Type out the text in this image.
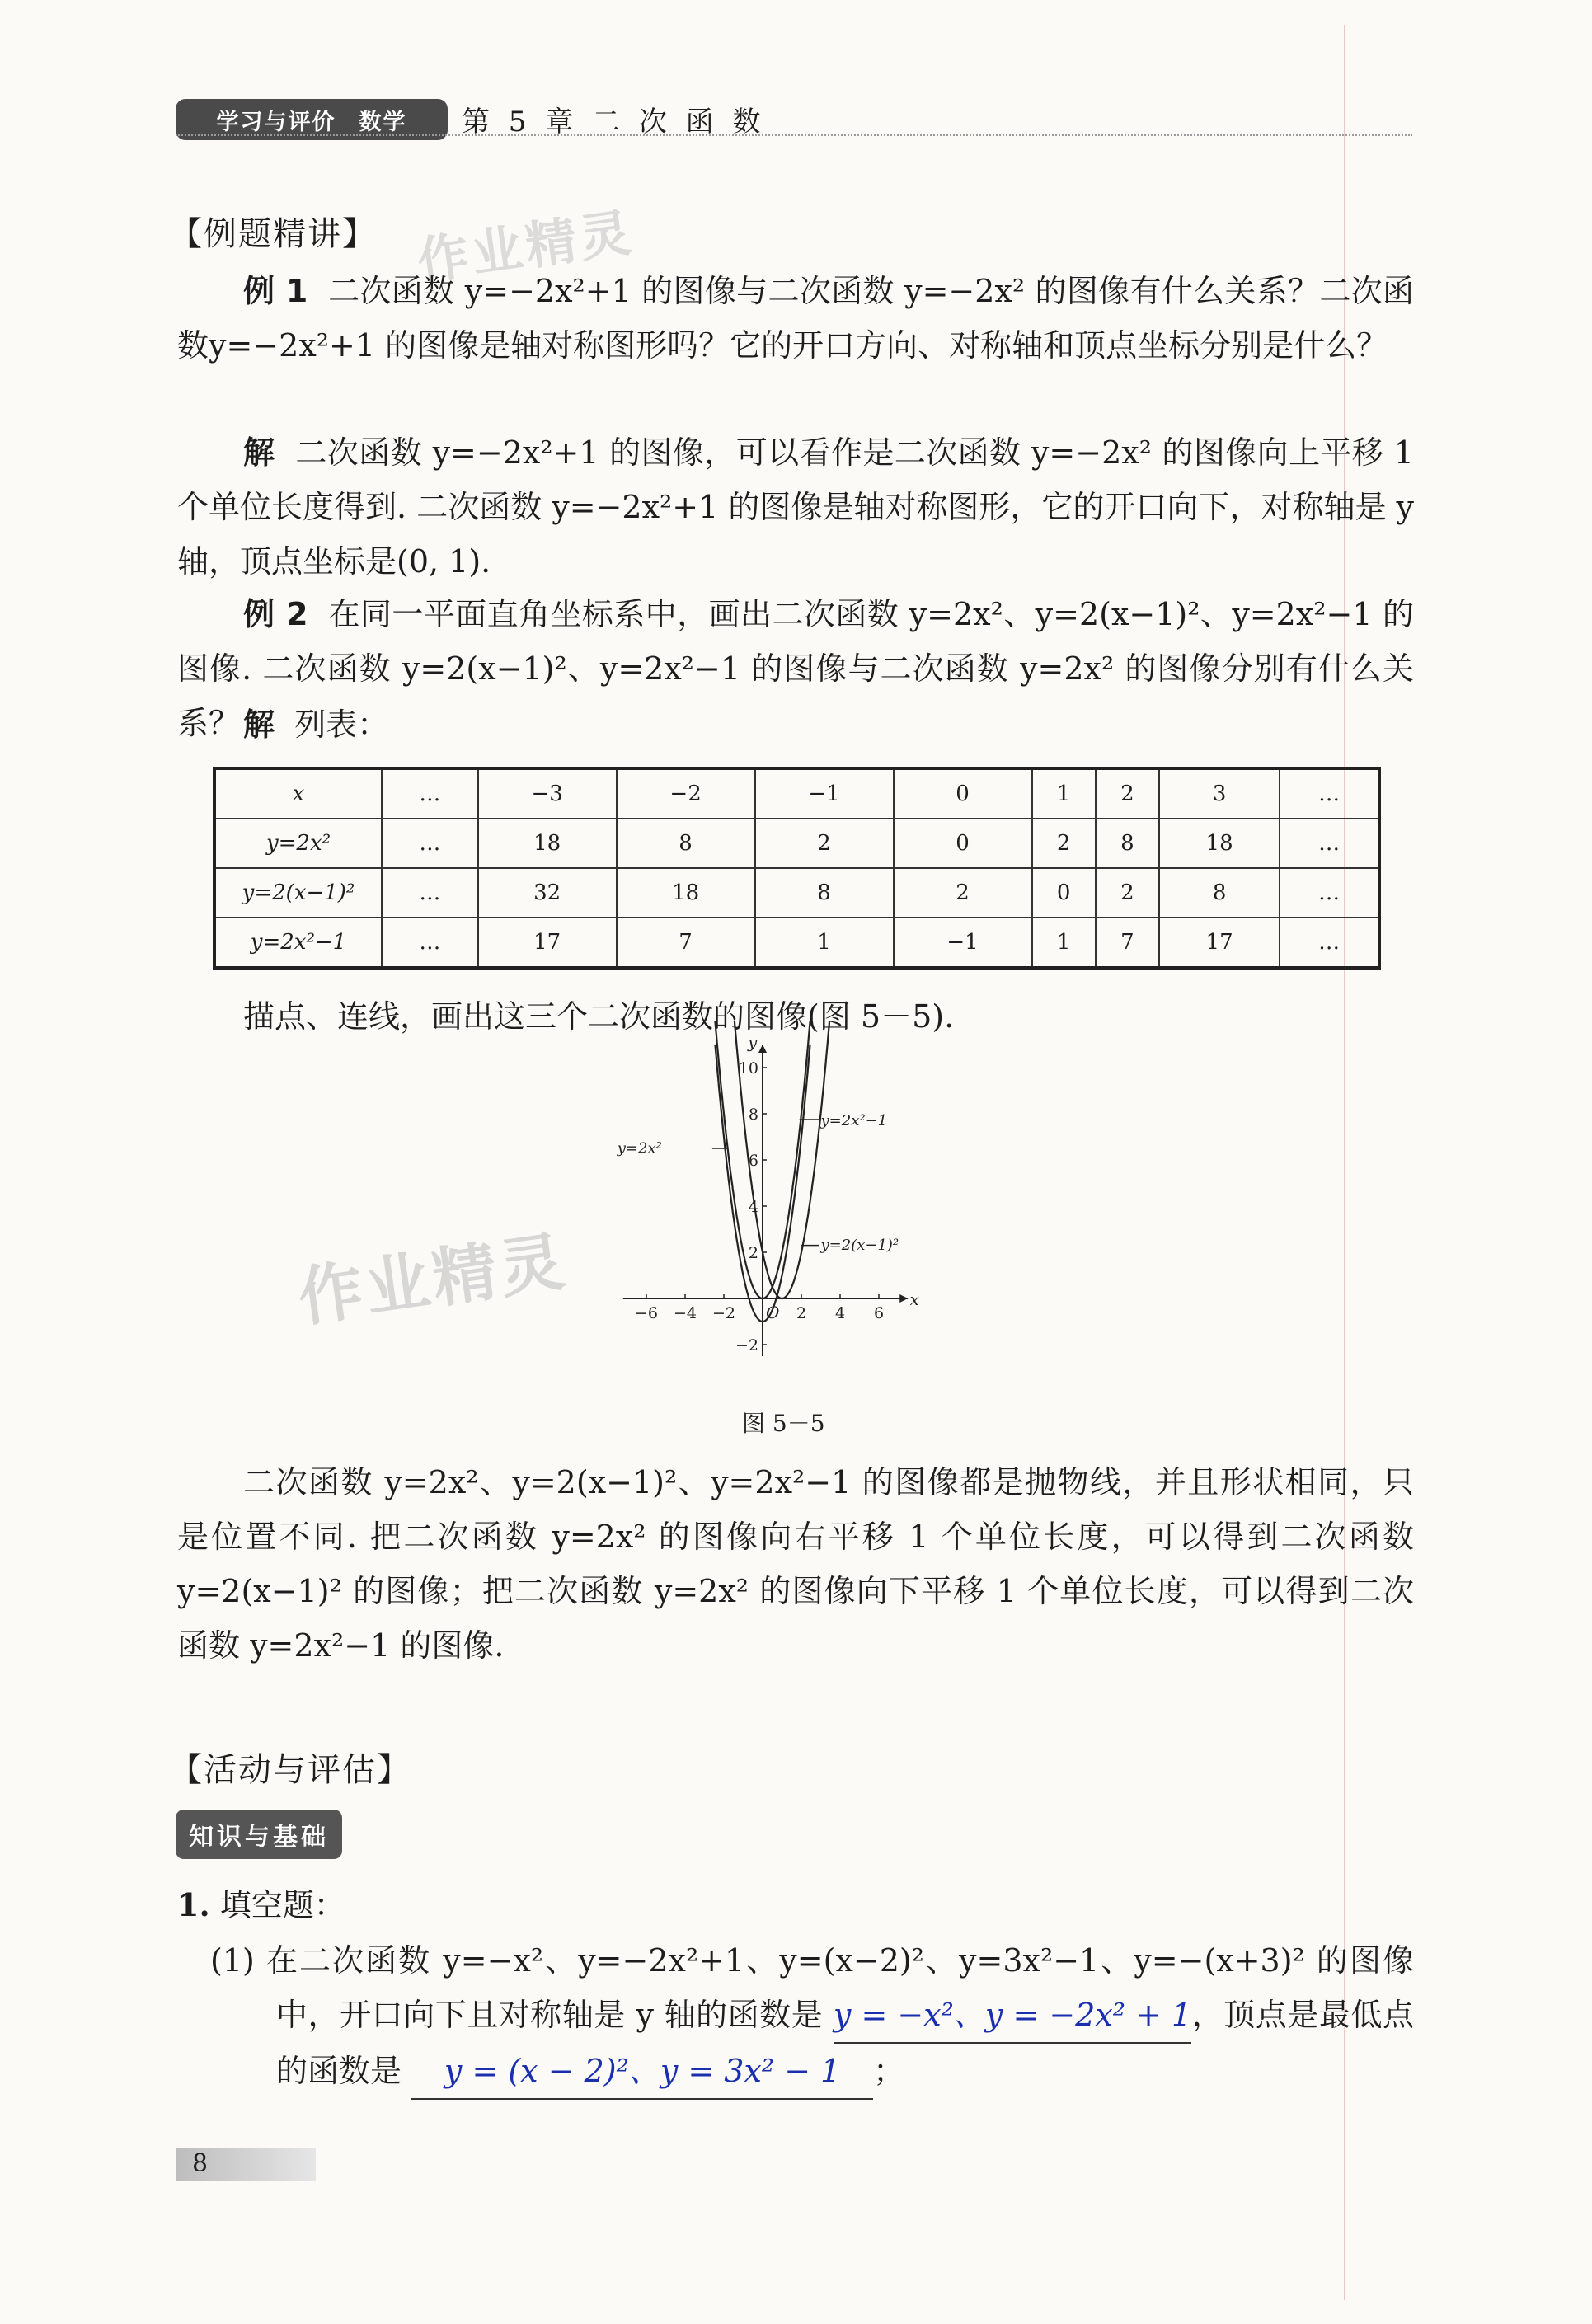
学习与评价 数学 第 5 章 二 次 函 数
作业精灵
【例题精讲】

例 1 二次函数 y=−2x²+1 的图像与二次函数 y=−2x² 的图像有什么关系？二次函数y=−2x²+1 的图像是轴对称图形吗？它的开口方向、对称轴和顶点坐标分别是什么？

解 二次函数 y=−2x²+1 的图像，可以看作是二次函数 y=−2x² 的图像向上平移 1 个单位长度得到. 二次函数 y=−2x²+1 的图像是轴对称图形，它的开口向下，对称轴是 y 轴，顶点坐标是(0, 1).

例 2 在同一平面直角坐标系中，画出二次函数 y=2x²、y=2(x−1)²、y=2x²−1 的图像. 二次函数 y=2(x−1)²、y=2x²−1 的图像与二次函数 y=2x² 的图像分别有什么关系？ 解 列表：

x	…	−3	−2	−1	0	1	2	3	…
y=2x²	…	18	8	2	0	2	8	18	…
y=2(x−1)²	…	32	18	8	2	0	2	8	…
y=2x²−1	…	17	7	1	−1	1	7	17	…

描点、连线，画出这三个二次函数的图像(图 5－5).

作业精灵	x
y
O
−6 −4 −2	2 4 6
10
8
6
4
2
−2
y=2x²
y=2x²−1
y=2(x−1)²
图 5－5

二次函数 y=2x²、y=2(x−1)²、y=2x²−1 的图像都是抛物线，并且形状相同，只是位置不同. 把二次函数 y=2x² 的图像向右平移 1 个单位长度，可以得到二次函数 y=2(x−1)² 的图像；把二次函数 y=2x² 的图像向下平移 1 个单位长度，可以得到二次函数 y=2x²−1 的图像.

【活动与评估】
知识与基础
1. 填空题：

(1) 在二次函数 y=−x²、y=−2x²+1、y=(x−2)²、y=3x²−1、y=−(x+3)² 的图像中，开口向下且对称轴是 y 轴的函数是 y = −x²、y = −2x² + 1，顶点是最低点的函数是 y = (x − 2)²、y = 3x² − 1 ；

8
